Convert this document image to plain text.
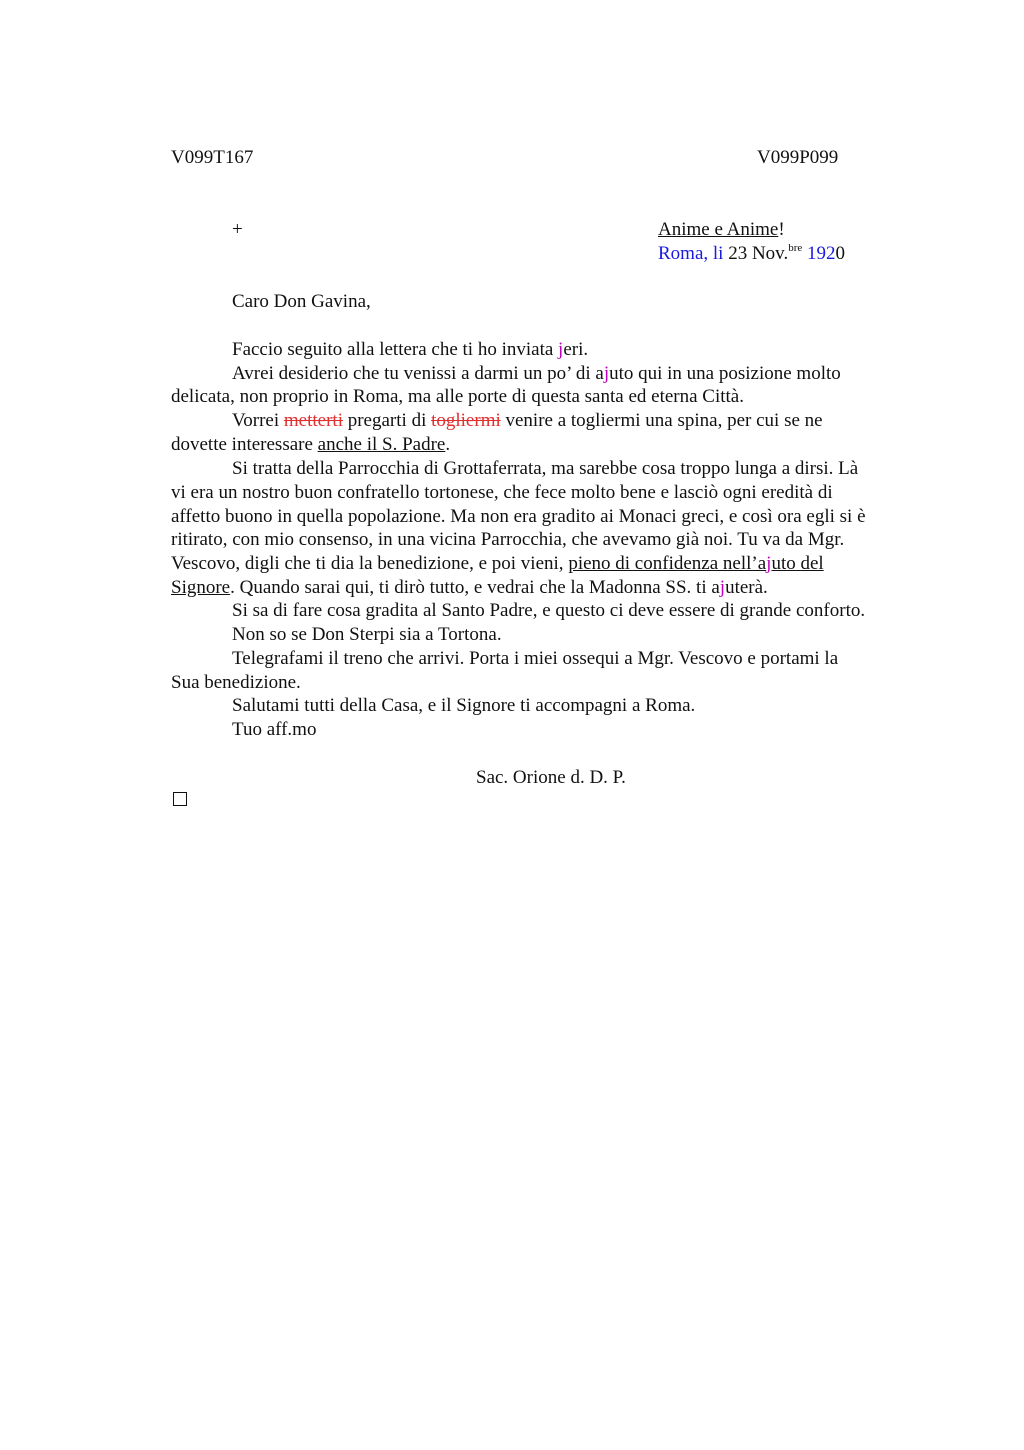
V099T167	V099P099
+	Anime e Anime!
Roma, li 23 Nov.$^{bre}$ 1920
Caro Don Gavina,
Faccio seguito alla lettera che ti ho inviata jeri.
Avrei desiderio che tu venissi a darmi un po’ di ajuto qui in una posizione molto
delicata, non proprio in Roma, ma alle porte di questa santa ed eterna Città.
Vorrei metterti pregarti di togliermi venire a togliermi una spina, per cui se ne
dovette interessare anche il S. Padre.
Si tratta della Parrocchia di Grottaferrata, ma sarebbe cosa troppo lunga a dirsi. Là
vi era un nostro buon confratello tortonese, che fece molto bene e lasciò ogni eredità di
affetto buono in quella popolazione. Ma non era gradito ai Monaci greci, e così ora egli si è
ritirato, con mio consenso, in una vicina Parrocchia, che avevamo già noi. Tu va da Mgr.
Vescovo, digli che ti dia la benedizione, e poi vieni, pieno di confidenza nell’ajuto del
Signore. Quando sarai qui, ti dirò tutto, e vedrai che la Madonna SS. ti ajuterà.
Si sa di fare cosa gradita al Santo Padre, e questo ci deve essere di grande conforto.
Non so se Don Sterpi sia a Tortona.
Telegrafami il treno che arrivi. Porta i miei ossequi a Mgr. Vescovo e portami la
Sua benedizione.
Salutami tutti della Casa, e il Signore ti accompagni a Roma.
Tuo aff.mo
Sac. Orione d. D. P.
